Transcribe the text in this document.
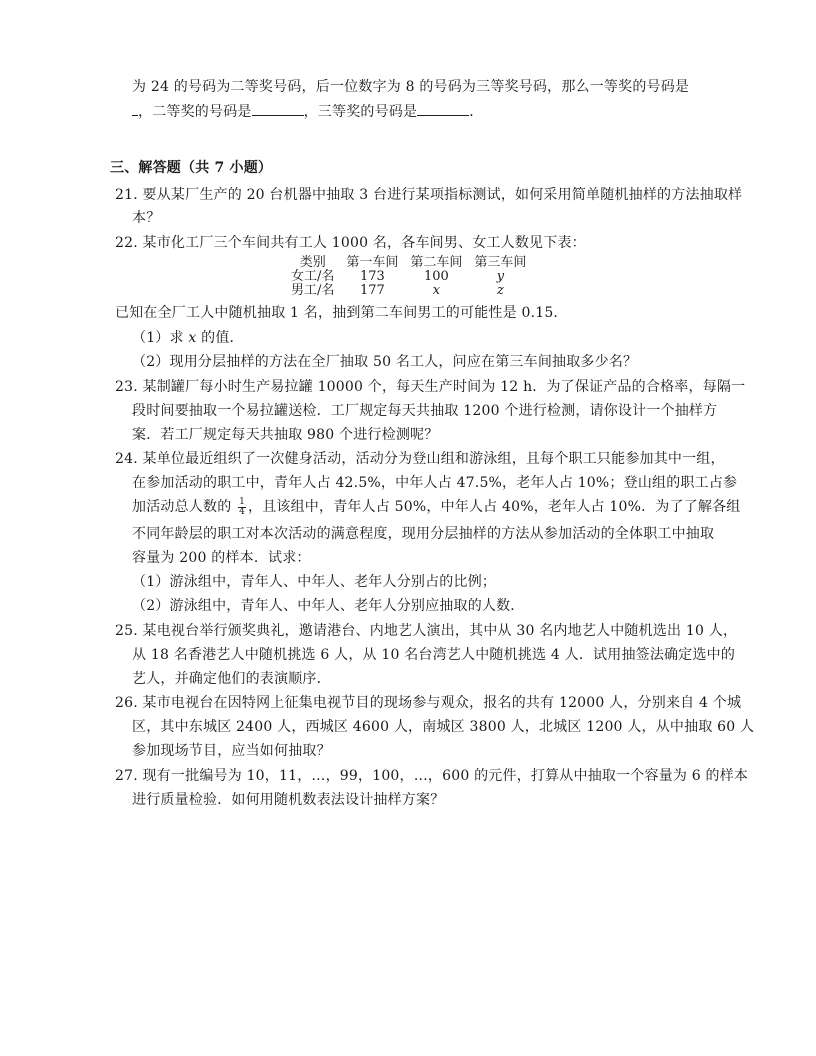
为 24 的号码为二等奖号码，后一位数字为 8 的号码为三等奖号码，那么一等奖的号码是
，二等奖的号码是	，三等奖的号码是	．
三、解答题（共 7 小题）
21. 要从某厂生产的 20 台机器中抽取 3 台进行某项指标测试，如何采用简单随机抽样的方法抽取样
本？
22. 某市化工厂三个车间共有工人 1000 名，各车间男、女工人数见下表：
类别	第一车间	第二车间	第三车间
女工/名	173	100	y
男工/名	177	x	z
已知在全厂工人中随机抽取 1 名，抽到第二车间男工的可能性是 0.15．
（1）求 x 的值．
（2）现用分层抽样的方法在全厂抽取 50 名工人，问应在第三车间抽取多少名？
23. 某制罐厂每小时生产易拉罐 10000 个，每天生产时间为 12 h．为了保证产品的合格率，每隔一
段时间要抽取一个易拉罐送检．工厂规定每天共抽取 1200 个进行检测，请你设计一个抽样方
案．若工厂规定每天共抽取 980 个进行检测呢？
24. 某单位最近组织了一次健身活动，活动分为登山组和游泳组，且每个职工只能参加其中一组，
在参加活动的职工中，青年人占 42.5%，中年人占 47.5%，老年人占 10%；登山组的职工占参
加活动总人数的 $\frac{1}{4}$ ，且该组中，青年人占 50%，中年人占 40%，老年人占 10%．为了了解各组
不同年龄层的职工对本次活动的满意程度，现用分层抽样的方法从参加活动的全体职工中抽取
容量为 200 的样本．试求：
（1）游泳组中，青年人、中年人、老年人分别占的比例；
（2）游泳组中，青年人、中年人、老年人分别应抽取的人数．
25. 某电视台举行颁奖典礼，邀请港台、内地艺人演出，其中从 30 名内地艺人中随机选出 10 人，
从 18 名香港艺人中随机挑选 6 人，从 10 名台湾艺人中随机挑选 4 人．试用抽签法确定选中的
艺人，并确定他们的表演顺序．
26. 某市电视台在因特网上征集电视节目的现场参与观众，报名的共有 12000 人，分别来自 4 个城
区，其中东城区 2400 人，西城区 4600 人，南城区 3800 人，北城区 1200 人，从中抽取 60 人
参加现场节目，应当如何抽取？
27. 现有一批编号为 10，11，…，99，100，…，600 的元件，打算从中抽取一个容量为 6 的样本
进行质量检验．如何用随机数表法设计抽样方案？
